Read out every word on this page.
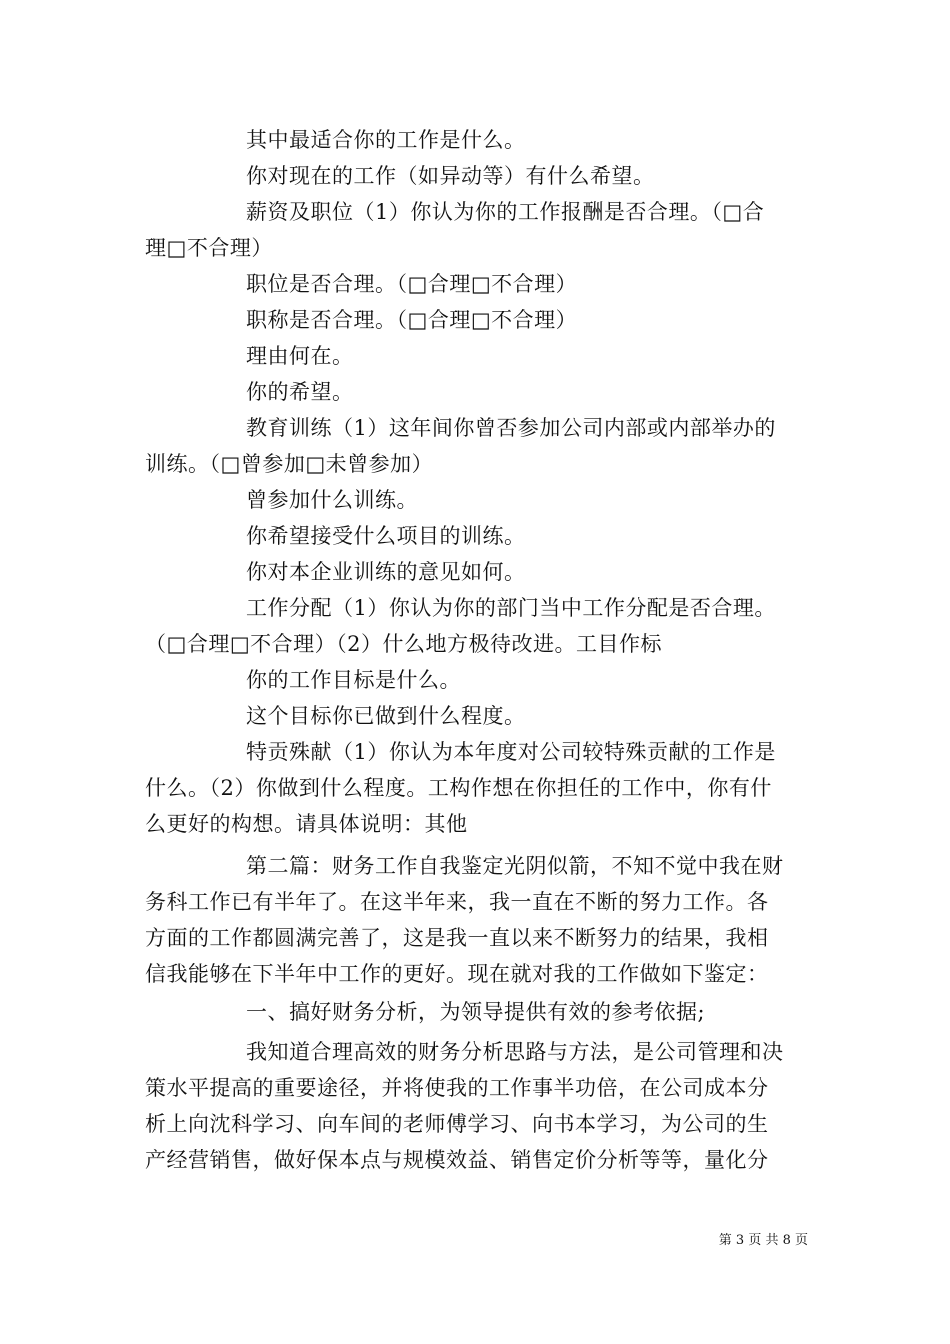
其中最适合你的工作是什么。
你对现在的工作（如异动等）有什么希望。
薪资及职位（1）你认为你的工作报酬是否合理。（□合
理□不合理）
职位是否合理。（□合理□不合理）
职称是否合理。（□合理□不合理）
理由何在。
你的希望。
教育训练（1）这年间你曾否参加公司内部或内部举办的
训练。（□曾参加□未曾参加）
曾参加什么训练。
你希望接受什么项目的训练。
你对本企业训练的意见如何。
工作分配（1）你认为你的部门当中工作分配是否合理。
（□合理□不合理）（2）什么地方极待改进。工目作标
你的工作目标是什么。
这个目标你已做到什么程度。
特贡殊献（1）你认为本年度对公司较特殊贡献的工作是
什么。（2）你做到什么程度。工构作想在你担任的工作中，你有什
么更好的构想。请具体说明：其他
第二篇：财务工作自我鉴定光阴似箭，不知不觉中我在财
务科工作已有半年了。在这半年来，我一直在不断的努力工作。各
方面的工作都圆满完善了，这是我一直以来不断努力的结果，我相
信我能够在下半年中工作的更好。现在就对我的工作做如下鉴定：
一、搞好财务分析，为领导提供有效的参考依据;
我知道合理高效的财务分析思路与方法，是公司管理和决
策水平提高的重要途径，并将使我的工作事半功倍，在公司成本分
析上向沈科学习、向车间的老师傅学习、向书本学习，为公司的生
产经营销售，做好保本点与规模效益、销售定价分析等等，量化分
第 3 页 共 8 页
